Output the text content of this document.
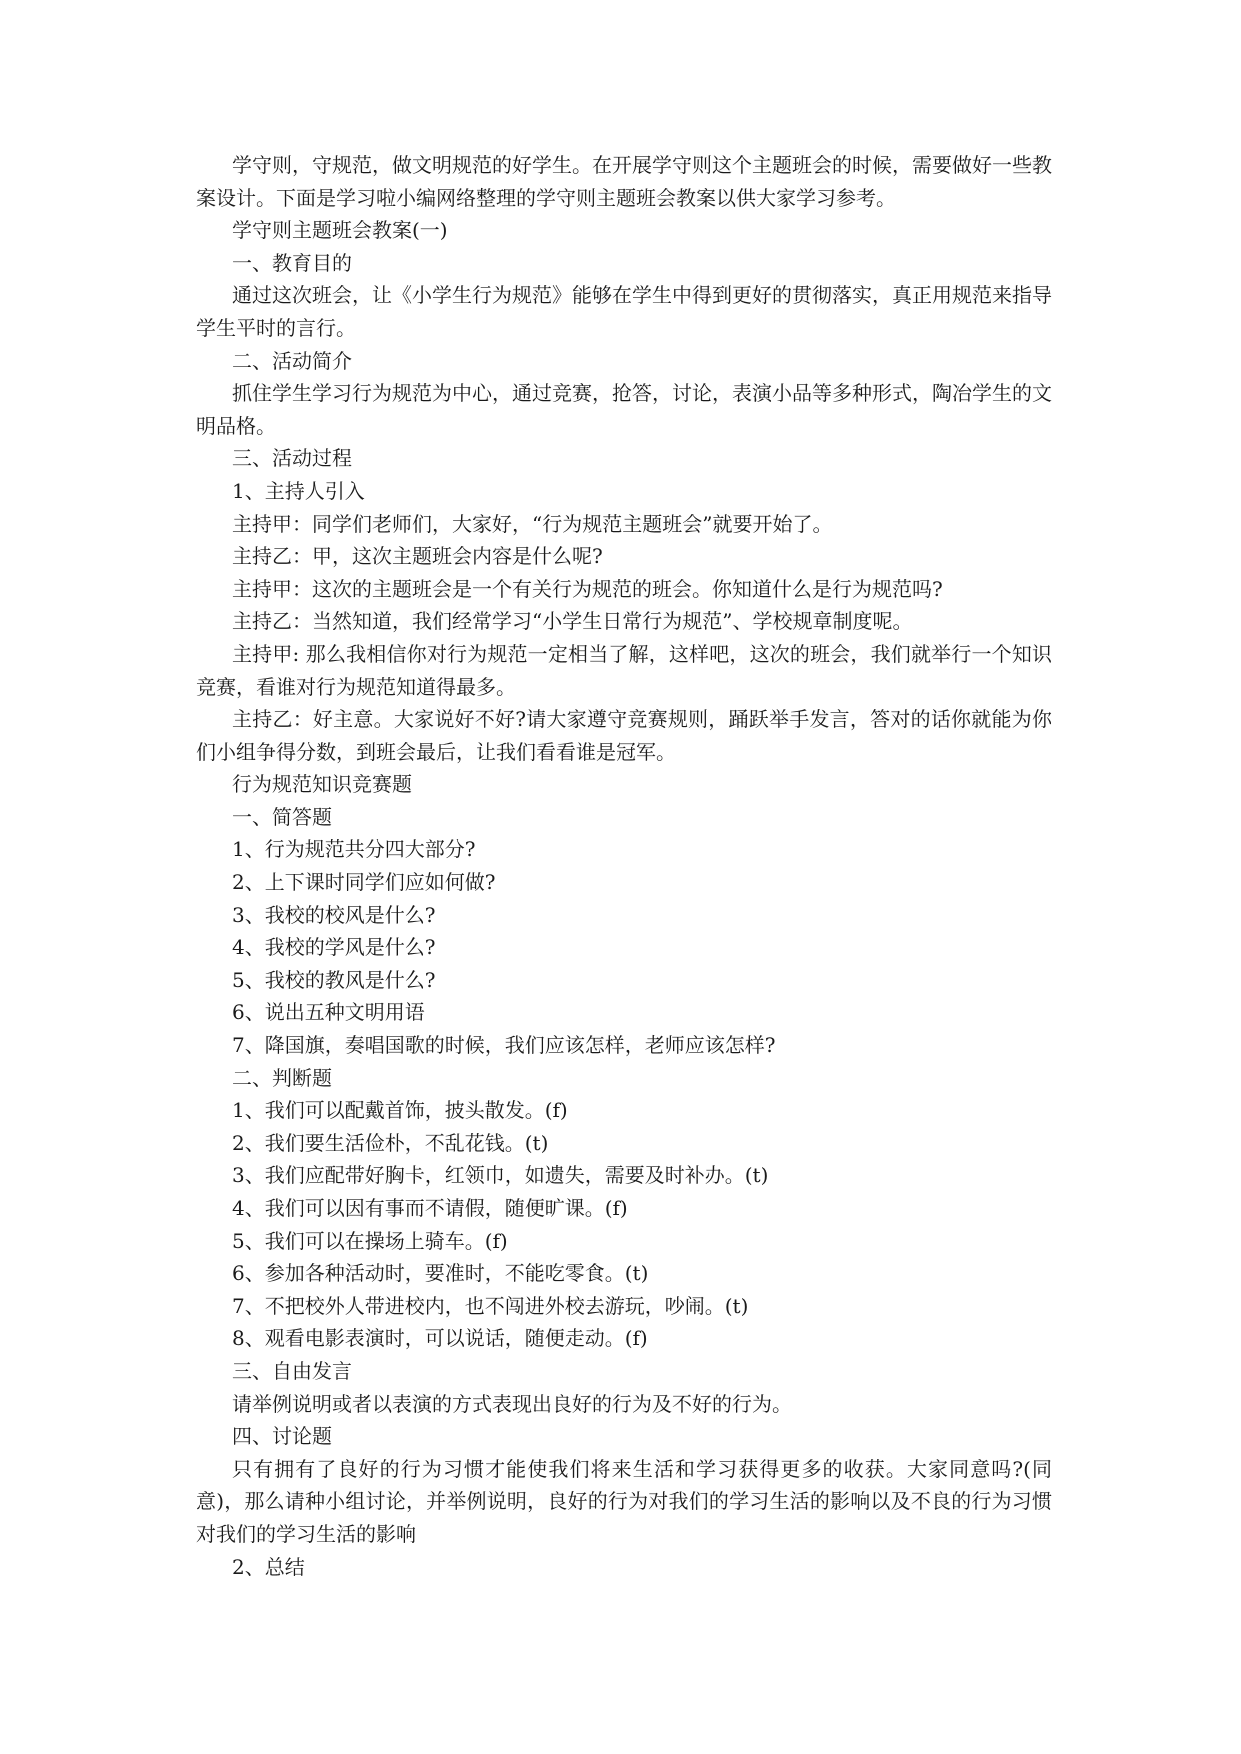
学守则，守规范，做文明规范的好学生。在开展学守则这个主题班会的时候，需要做好一些教案设计。下面是学习啦小编网络整理的学守则主题班会教案以供大家学习参考。

学守则主题班会教案(一)

一、教育目的

通过这次班会，让《小学生行为规范》能够在学生中得到更好的贯彻落实，真正用规范来指导学生平时的言行。

二、活动简介

抓住学生学习行为规范为中心，通过竞赛，抢答，讨论，表演小品等多种形式，陶冶学生的文明品格。

三、活动过程

1、主持人引入

主持甲：同学们老师们，大家好，“行为规范主题班会”就要开始了。

主持乙：甲，这次主题班会内容是什么呢?

主持甲：这次的主题班会是一个有关行为规范的班会。你知道什么是行为规范吗?

主持乙：当然知道，我们经常学习“小学生日常行为规范”、学校规章制度呢。

主持甲: 那么我相信你对行为规范一定相当了解，这样吧，这次的班会，我们就举行一个知识竞赛，看谁对行为规范知道得最多。

主持乙：好主意。大家说好不好?请大家遵守竞赛规则，踊跃举手发言，答对的话你就能为你们小组争得分数，到班会最后，让我们看看谁是冠军。

行为规范知识竞赛题

一、简答题

1、行为规范共分四大部分?

2、上下课时同学们应如何做?

3、我校的校风是什么?

4、我校的学风是什么?

5、我校的教风是什么?

6、说出五种文明用语

7、降国旗，奏唱国歌的时候，我们应该怎样，老师应该怎样?

二、判断题

1、我们可以配戴首饰，披头散发。(f)

2、我们要生活俭朴，不乱花钱。(t)

3、我们应配带好胸卡，红领巾，如遗失，需要及时补办。(t)

4、我们可以因有事而不请假，随便旷课。(f)

5、我们可以在操场上骑车。(f)

6、参加各种活动时，要准时，不能吃零食。(t)

7、不把校外人带进校内，也不闯进外校去游玩，吵闹。(t)

8、观看电影表演时，可以说话，随便走动。(f)

三、自由发言

请举例说明或者以表演的方式表现出良好的行为及不好的行为。

四、讨论题

只有拥有了良好的行为习惯才能使我们将来生活和学习获得更多的收获。大家同意吗?(同意)，那么请种小组讨论，并举例说明，良好的行为对我们的学习生活的影响以及不良的行为习惯对我们的学习生活的影响

2、总结
